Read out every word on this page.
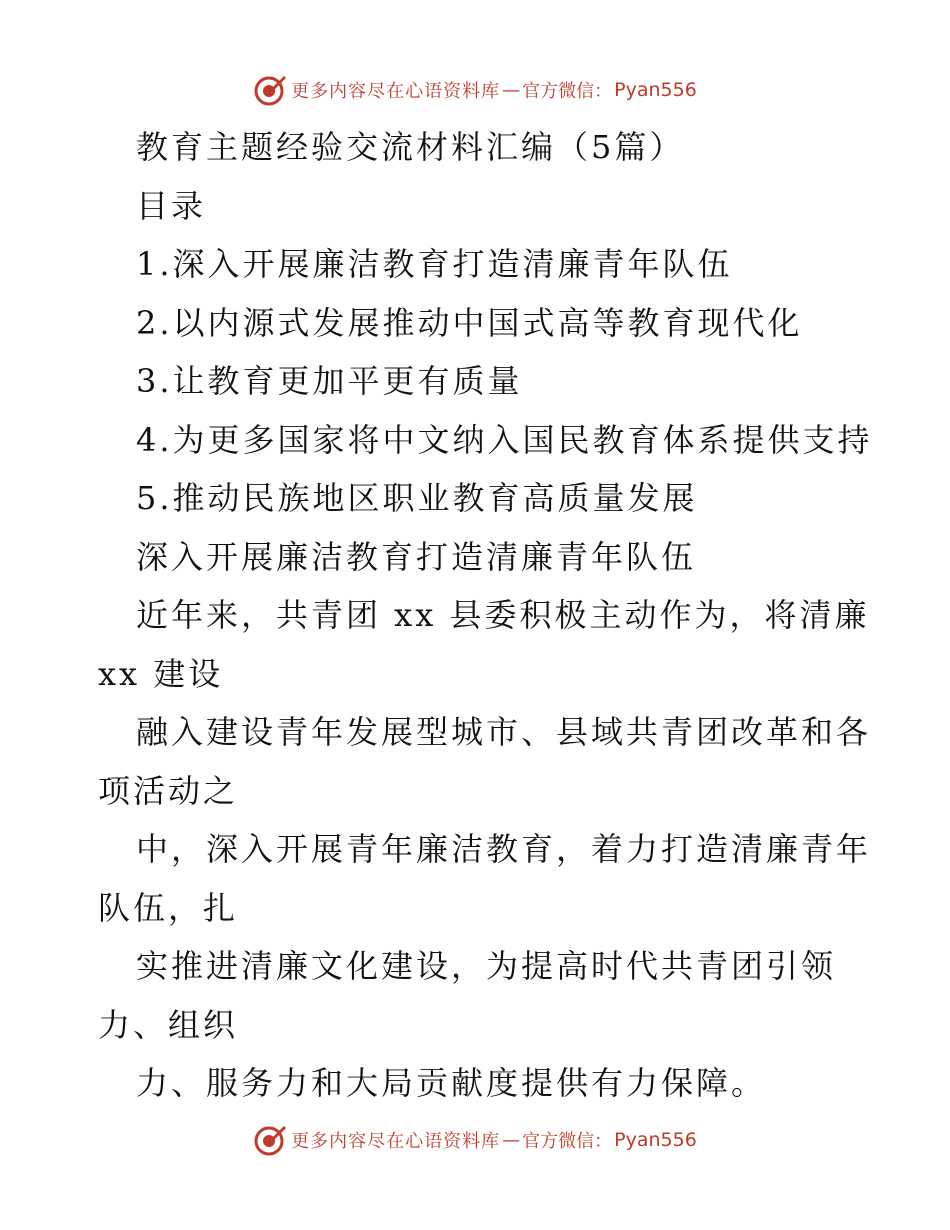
更多内容尽在心语资料库 — 官方微信： Pyan556
教育主题经验交流材料汇编（5篇）
目录
1.深入开展廉洁教育打造清廉青年队伍
2.以内源式发展推动中国式高等教育现代化
3.让教育更加平更有质量
4.为更多国家将中文纳入国民教育体系提供支持
5.推动民族地区职业教育高质量发展
深入开展廉洁教育打造清廉青年队伍
近年来，共青团 xx 县委积极主动作为，将清廉
xx 建设
融入建设青年发展型城市、县域共青团改革和各
项活动之
中，深入开展青年廉洁教育，着力打造清廉青年
队伍，扎
实推进清廉文化建设，为提高时代共青团引领
力、组织
力、服务力和大局贡献度提供有力保障。
更多内容尽在心语资料库 — 官方微信： Pyan556
